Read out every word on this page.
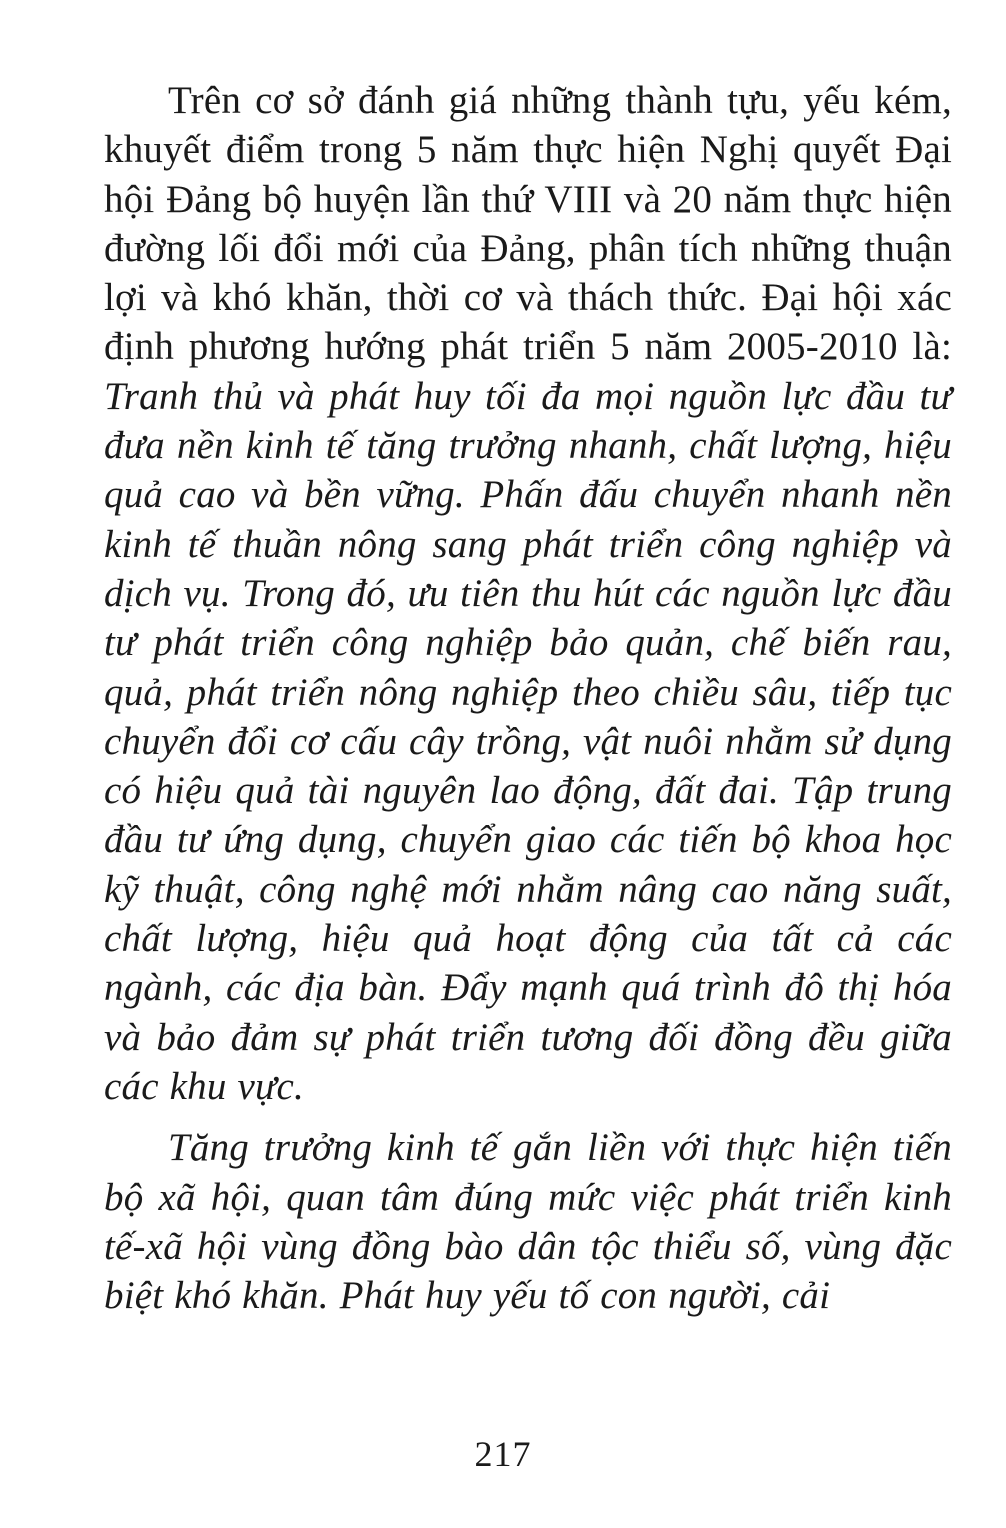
Trên cơ sở đánh giá những thành tựu, yếu kém, khuyết điểm trong 5 năm thực hiện Nghị quyết Đại hội Đảng bộ huyện lần thứ VIII và 20 năm thực hiện đường lối đổi mới của Đảng, phân tích những thuận lợi và khó khăn, thời cơ và thách thức. Đại hội xác định phương hướng phát triển 5 năm 2005-2010 là: Tranh thủ và phát huy tối đa mọi nguồn lực đầu tư đưa nền kinh tế tăng trưởng nhanh, chất lượng, hiệu quả cao và bền vững. Phấn đấu chuyển nhanh nền kinh tế thuần nông sang phát triển công nghiệp và dịch vụ. Trong đó, ưu tiên thu hút các nguồn lực đầu tư phát triển công nghiệp bảo quản, chế biến rau, quả, phát triển nông nghiệp theo chiều sâu, tiếp tục chuyển đổi cơ cấu cây trồng, vật nuôi nhằm sử dụng có hiệu quả tài nguyên lao động, đất đai. Tập trung đầu tư ứng dụng, chuyển giao các tiến bộ khoa học kỹ thuật, công nghệ mới nhằm nâng cao năng suất, chất lượng, hiệu quả hoạt động của tất cả các ngành, các địa bàn. Đẩy mạnh quá trình đô thị hóa và bảo đảm sự phát triển tương đối đồng đều giữa các khu vực.

Tăng trưởng kinh tế gắn liền với thực hiện tiến bộ xã hội, quan tâm đúng mức việc phát triển kinh tế-xã hội vùng đồng bào dân tộc thiểu số, vùng đặc biệt khó khăn. Phát huy yếu tố con người, cải

217
